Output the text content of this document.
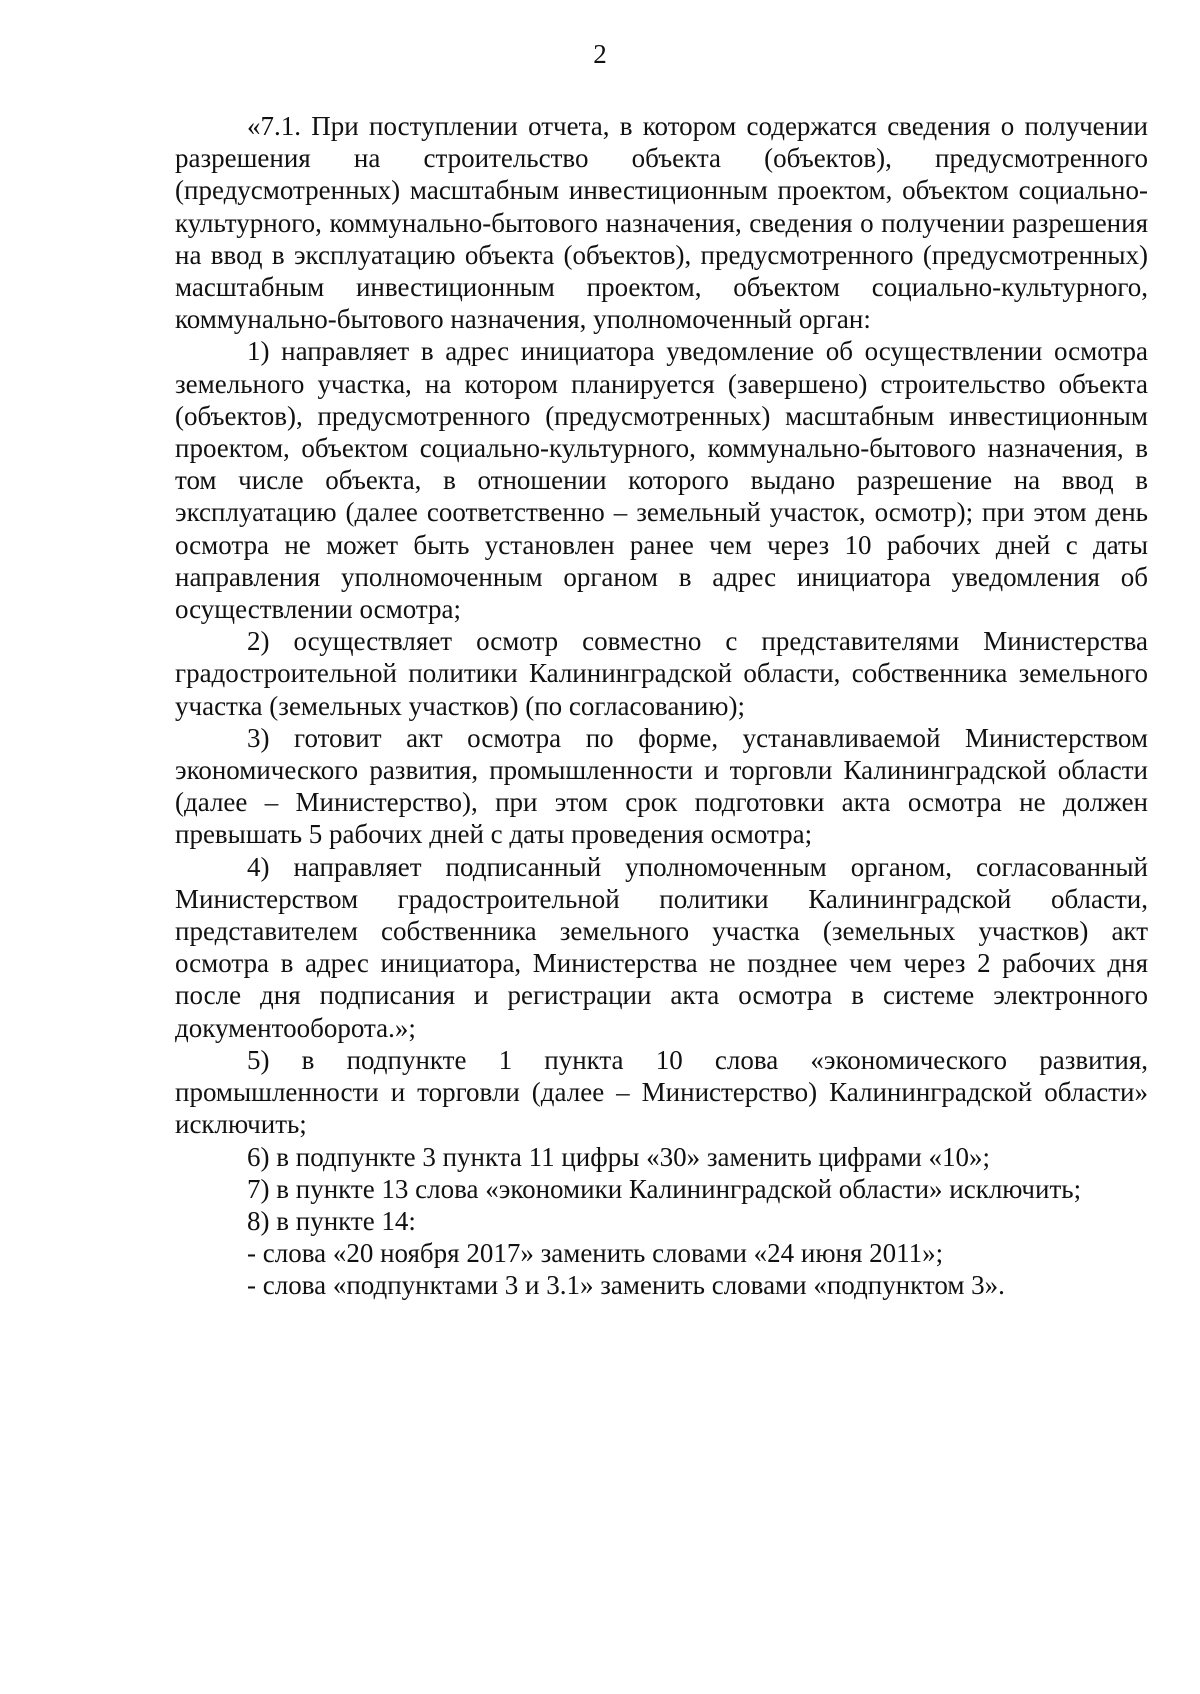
2

«7.1. При поступлении отчета, в котором содержатся сведения о получении разрешения на строительство объекта (объектов), предусмотренного (предусмотренных) масштабным инвестиционным проектом, объектом социально-культурного, коммунально-бытового назначения, сведения о получении разрешения на ввод в эксплуатацию объекта (объектов), предусмотренного (предусмотренных) масштабным инвестиционным проектом, объектом социально-культурного, коммунально-бытового назначения, уполномоченный орган:

1) направляет в адрес инициатора уведомление об осуществлении осмотра земельного участка, на котором планируется (завершено) строительство объекта (объектов), предусмотренного (предусмотренных) масштабным инвестиционным проектом, объектом социально-культурного, коммунально-бытового назначения, в том числе объекта, в отношении которого выдано разрешение на ввод в эксплуатацию (далее соответственно – земельный участок, осмотр); при этом день осмотра не может быть установлен ранее чем через 10 рабочих дней с даты направления уполномоченным органом в адрес инициатора уведомления об осуществлении осмотра;

2) осуществляет осмотр совместно с представителями Министерства градостроительной политики Калининградской области, собственника земельного участка (земельных участков) (по согласованию);

3) готовит акт осмотра по форме, устанавливаемой Министерством экономического развития, промышленности и торговли Калининградской области (далее – Министерство), при этом срок подготовки акта осмотра не должен превышать 5 рабочих дней с даты проведения осмотра;

4) направляет подписанный уполномоченным органом, согласованный Министерством градостроительной политики Калининградской области, представителем собственника земельного участка (земельных участков) акт осмотра в адрес инициатора, Министерства не позднее чем через 2 рабочих дня после дня подписания и регистрации акта осмотра в системе электронного документооборота.»;

5) в подпункте 1 пункта 10 слова «экономического развития, промышленности и торговли (далее – Министерство) Калининградской области» исключить;

6) в подпункте 3 пункта 11 цифры «30» заменить цифрами «10»;

7) в пункте 13 слова «экономики Калининградской области» исключить;

8) в пункте 14:

- слова «20 ноября 2017» заменить словами «24 июня 2011»;

- слова «подпунктами 3 и 3.1» заменить словами «подпунктом 3».
